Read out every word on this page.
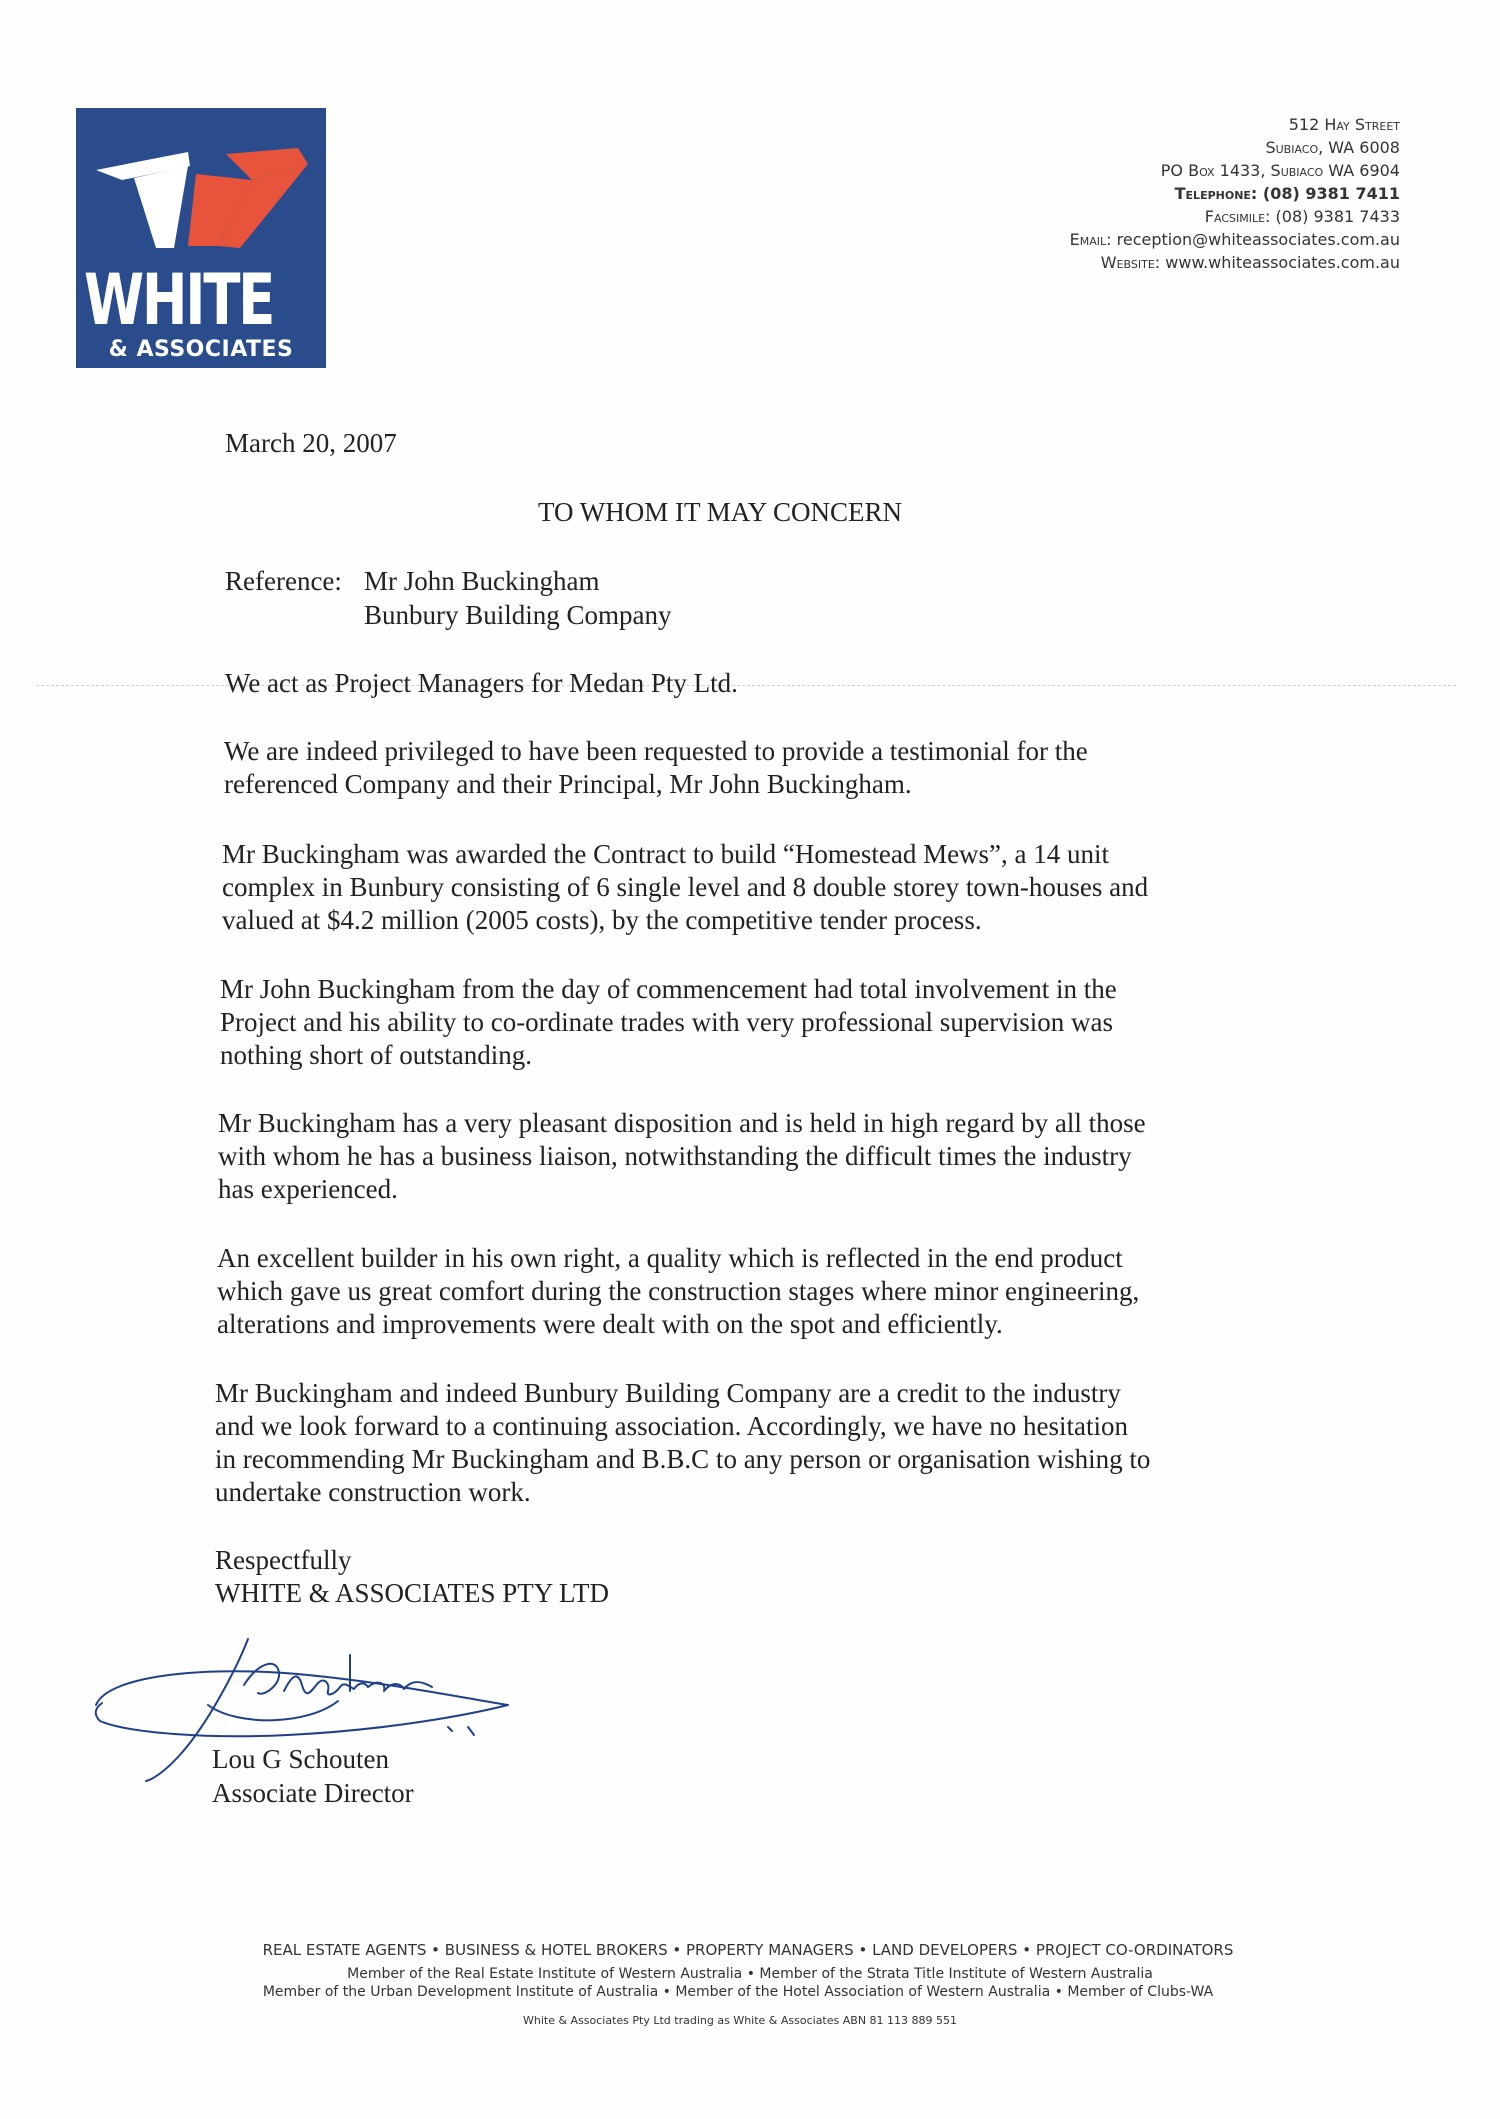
WHITE
& ASSOCIATES
512 Hay Street
Subiaco, WA 6008
PO Box 1433, Subiaco WA 6904
Telephone: (08) 9381 7411
Facsimile: (08) 9381 7433
Email: reception@whiteassociates.com.au
Website: www.whiteassociates.com.au
March 20, 2007
TO WHOM IT MAY CONCERN
Reference: Mr John Buckingham
Bunbury Building Company
We act as Project Managers for Medan Pty Ltd.
We are indeed privileged to have been requested to provide a testimonial for the
referenced Company and their Principal, Mr John Buckingham.
Mr Buckingham was awarded the Contract to build “Homestead Mews”, a 14 unit
complex in Bunbury consisting of 6 single level and 8 double storey town-houses and
valued at $4.2 million (2005 costs), by the competitive tender process.
Mr John Buckingham from the day of commencement had total involvement in the
Project and his ability to co-ordinate trades with very professional supervision was
nothing short of outstanding.
Mr Buckingham has a very pleasant disposition and is held in high regard by all those
with whom he has a business liaison, notwithstanding the difficult times the industry
has experienced.
An excellent builder in his own right, a quality which is reflected in the end product
which gave us great comfort during the construction stages where minor engineering,
alterations and improvements were dealt with on the spot and efficiently.
Mr Buckingham and indeed Bunbury Building Company are a credit to the industry
and we look forward to a continuing association. Accordingly, we have no hesitation
in recommending Mr Buckingham and B.B.C to any person or organisation wishing to
undertake construction work.
Respectfully
WHITE & ASSOCIATES PTY LTD
Lou G Schouten
Associate Director
REAL ESTATE AGENTS • BUSINESS & HOTEL BROKERS • PROPERTY MANAGERS • LAND DEVELOPERS • PROJECT CO-ORDINATORS
Member of the Real Estate Institute of Western Australia • Member of the Strata Title Institute of Western Australia
Member of the Urban Development Institute of Australia • Member of the Hotel Association of Western Australia • Member of Clubs-WA
White & Associates Pty Ltd trading as White & Associates ABN 81 113 889 551
